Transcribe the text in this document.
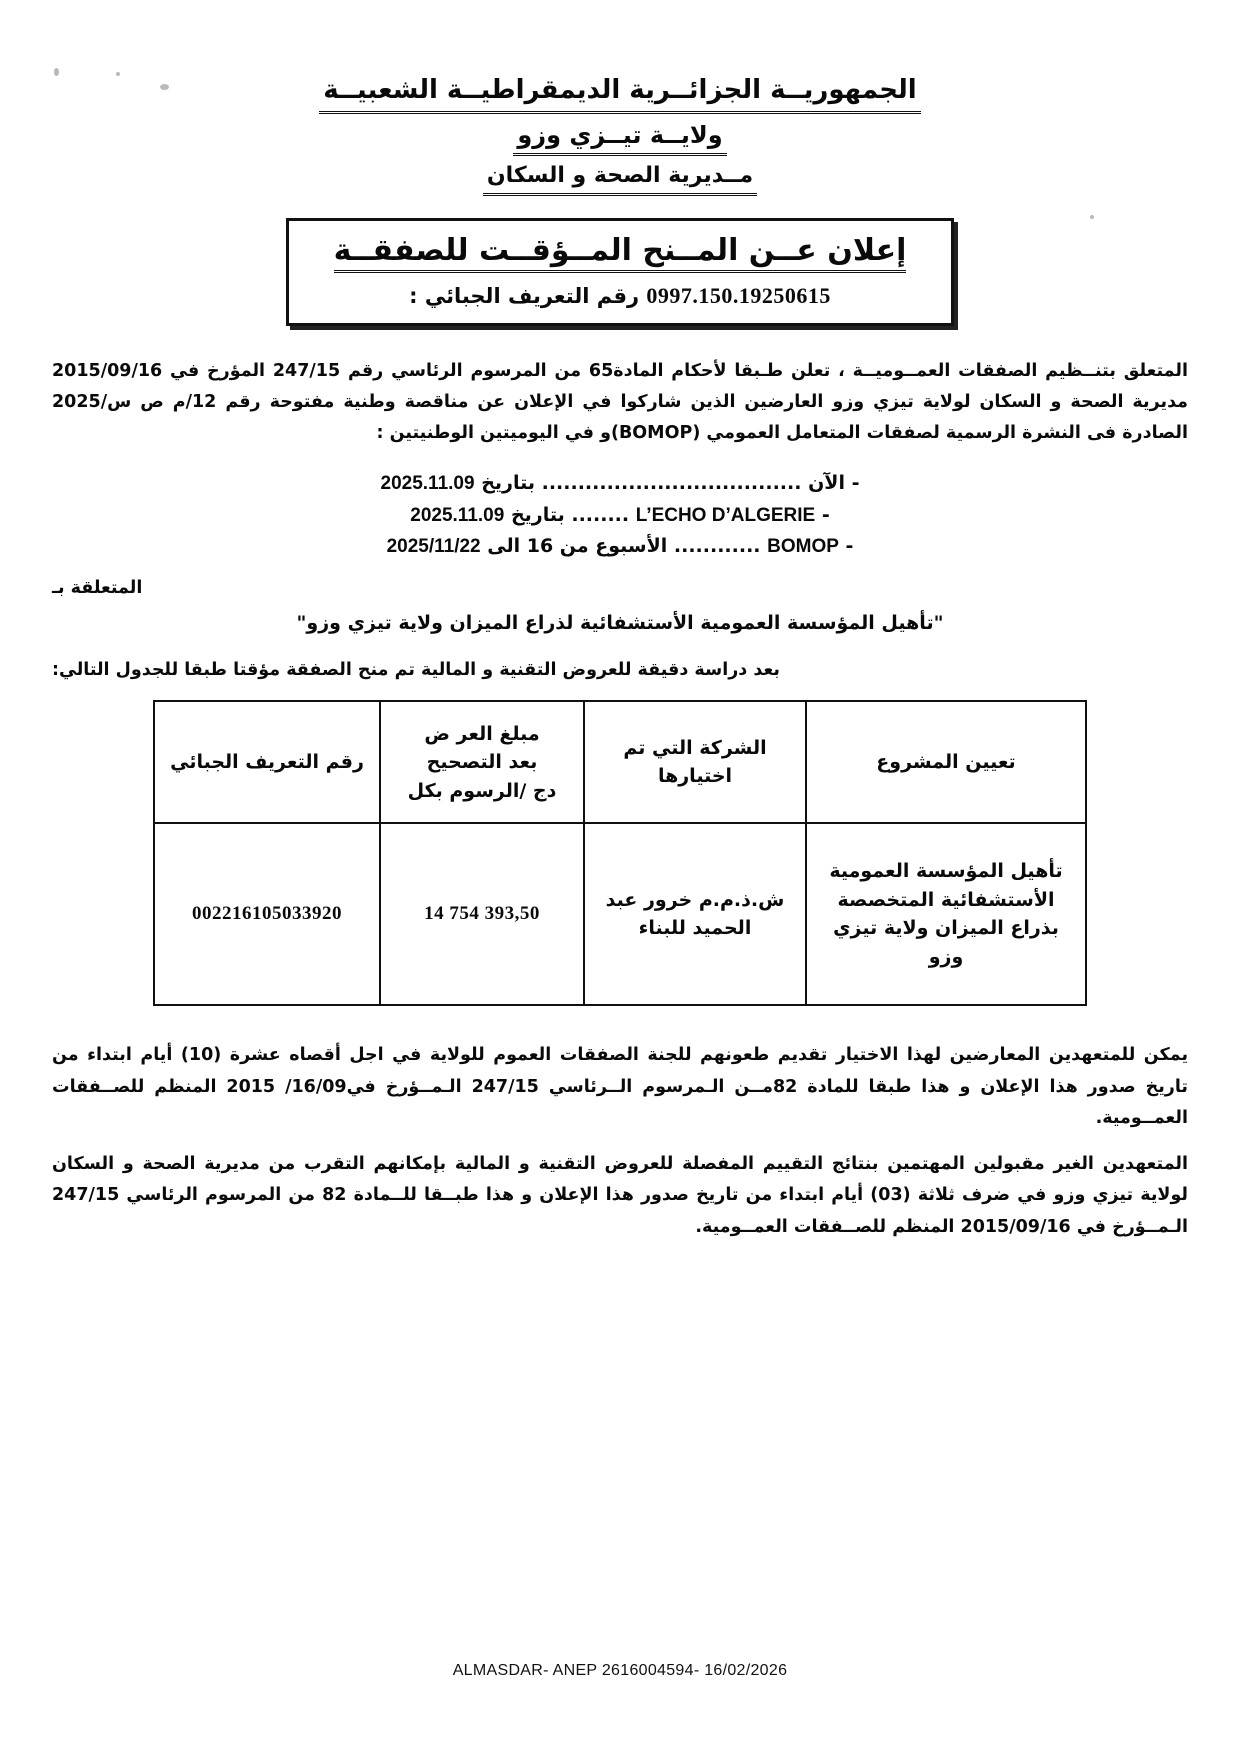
الجمهوريــة الجزائــرية الديمقراطيــة الشعبيــة
ولايــة تيــزي وزو
مــديرية الصحة و السكان
إعلان عــن المــنح المــؤقــت للصفقــة
0997.150.19250615 رقم التعريف الجبائي :

المتعلق بتنــظيم الصفقات العمــوميــة ، تعلن طـبقا لأحكام المادة65 من المرسوم الرئاسي رقم 247/15 المؤرخ في 2015/09/16 مديرية الصحة و السكان لولاية تيزي وزو العارضين الذين شاركوا في الإعلان عن مناقصة وطنية مفتوحة رقم 12/م ص س/2025 الصادرة فى النشرة الرسمية لصفقات المتعامل العمومي (BOMOP)و في اليوميتين الوطنيتين :

- الآن .................................... بتاريخ 2025.11.09
- L’ECHO D’ALGERIE ........ بتاريخ 2025.11.09
- BOMOP ............ الأسبوع من 16 الى 2025/11/22
المتعلقة بـ
"تأهيل المؤسسة العمومية الأستشفائية لذراع الميزان ولاية تيزي وزو"
بعد دراسة دقيقة للعروض التقنية و المالية تم منح الصفقة مؤقتا طبقا للجدول التالي:
تعيين المشروع	الشركة التي تم اختيارها	مبلغ العر ض
بعد التصحيح
دج /الرسوم بكل	رقم التعريف الجبائي
تأهيل المؤسسة العمومية الأستشفائية المتخصصة بذراع الميزان ولاية تيزي وزو	ش.ذ.م.م خرور عبد الحميد للبناء	14 754 393,50	002216105033920

يمكن للمتعهدين المعارضين لهذا الاختيار تقديم طعونهم للجنة الصفقات العموم للولاية في اجل أقصاه عشرة (10) أيام ابتداء من تاريخ صدور هذا الإعلان و هذا طبقا للمادة 82مــن الـمرسوم الــرئاسي 247/15 الـمــؤرخ في16/09/ 2015 المنظم للصــفقات العمــومية.

المتعهدين الغير مقبولين المهتمين بنتائج التقييم المفصلة للعروض التقنية و المالية بإمكانهم التقرب من مديرية الصحة و السكان لولاية تيزي وزو في ضرف ثلاثة (03) أيام ابتداء من تاريخ صدور هذا الإعلان و هذا طبــقا للــمادة 82 من المرسوم الرئاسي 247/15 الـمــؤرخ في 2015/09/16 المنظم للصــفقات العمــومية.

ALMASDAR- ANEP 2616004594- 16/02/2026
